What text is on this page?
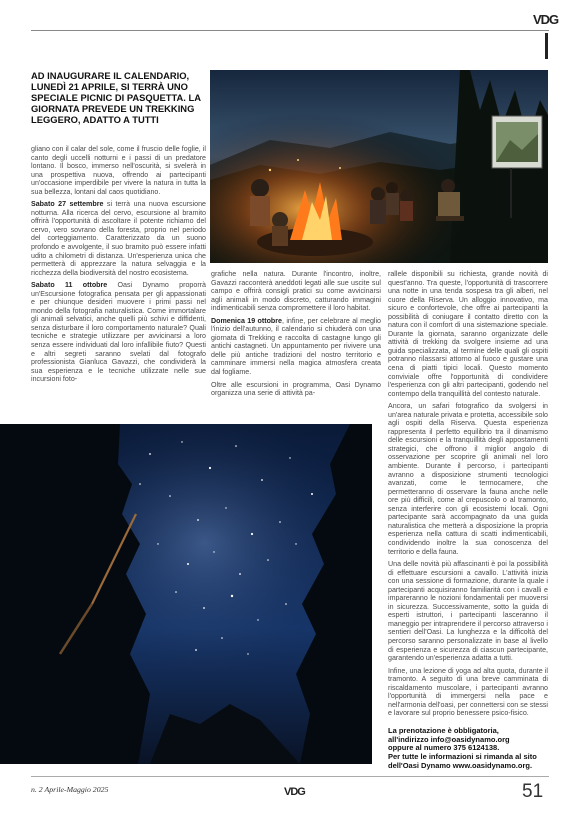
VDG
AD INAUGURARE IL CALENDARIO, LUNEDÌ 21 APRILE, SI TERRÀ UNO SPECIALE PICNIC DI PASQUETTA. LA GIORNATA PREVEDE UN TREKKING LEGGERO, ADATTO A TUTTI

gliano con il calar del sole, come il fruscio delle foglie, il canto degli uccelli notturni e i passi di un predatore lontano. Il bosco, immerso nell'oscurità, si svelerà in una prospettiva nuova, offrendo ai partecipanti un'occasione imperdibile per vivere la natura in tutta la sua bellezza, lontani dal caos quotidiano.

Sabato 27 settembre si terrà una nuova escursione notturna. Alla ricerca del cervo, escursione al bramito offrirà l'opportunità di ascoltare il potente richiamo del cervo, vero sovrano della foresta, proprio nel periodo del corteggiamento. Caratterizzato da un suono profondo e avvolgente, il suo bramito può essere infatti udito a chilometri di distanza. Un'esperienza unica che permetterà di apprezzare la natura selvaggia e la ricchezza della biodiversità del nostro ecosistema.

Sabato 11 ottobre Oasi Dynamo proporrà un'Escursione fotografica pensata per gli appassionati e per chiunque desideri muovere i primi passi nel mondo della fotografia naturalistica. Come immortalare gli animali selvatici, anche quelli più schivi e diffidenti, senza disturbare il loro comportamento naturale? Quali tecniche e strategie utilizzare per avvicinarsi a loro senza essere individuati dal loro infallibile fiuto? Questi e altri segreti saranno svelati dal fotografo professionista Gianluca Gavazzi, che condividerà la sua esperienza e le tecniche utilizzate nelle sue incursioni foto-

grafiche nella natura. Durante l'incontro, inoltre, Gavazzi racconterà aneddoti legati alle sue uscite sul campo e offrirà consigli pratici su come avvicinarsi agli animali in modo discreto, catturando immagini indimenticabili senza compromettere il loro habitat.

Domenica 19 ottobre, infine, per celebrare al meglio l'inizio dell'autunno, il calendario si chiuderà con una giornata di Trekking e raccolta di castagne lungo gli antichi castagneti. Un appuntamento per rivivere una delle più antiche tradizioni del nostro territorio e camminare immersi nella magica atmosfera creata dal fogliame.

Oltre alle escursioni in programma, Oasi Dynamo organizza una serie di attività pa-

rallele disponibili su richiesta, grande novità di quest'anno. Tra queste, l'opportunità di trascorrere una notte in una tenda sospesa tra gli alberi, nel cuore della Riserva. Un alloggio innovativo, ma sicuro e confortevole, che offre ai partecipanti la possibilità di coniugare il contatto diretto con la natura con il comfort di una sistemazione speciale. Durante la giornata, saranno organizzate delle attività di trekking da svolgere insieme ad una guida specializzata, al termine delle quali gli ospiti potranno rilassarsi attorno al fuoco e gustare una cena di piatti tipici locali. Questo momento conviviale offre l'opportunità di condividere l'esperienza con gli altri partecipanti, godendo nel contempo della tranquillità del contesto naturale.

Ancora, un safari fotografico da svolgersi in un'area naturale privata e protetta, accessibile solo agli ospiti della Riserva. Questa esperienza rappresenta il perfetto equilibrio tra il dinamismo delle escursioni e la tranquillità degli appostamenti strategici, che offrono il miglior angolo di osservazione per scoprire gli animali nel loro ambiente. Durante il percorso, i partecipanti avranno a disposizione strumenti tecnologici avanzati, come le termocamere, che permetteranno di osservare la fauna anche nelle ore più difficili, come al crepuscolo o al tramonto, senza interferire con gli ecosistemi locali. Ogni partecipante sarà accompagnato da una guida naturalistica che metterà a disposizione la propria esperienza nella cattura di scatti indimenticabili, condividendo inoltre la sua conoscenza del territorio e della fauna.

Una delle novità più affascinanti è poi la possibilità di effettuare escursioni a cavallo. L'attività inizia con una sessione di formazione, durante la quale i partecipanti acquisiranno familiarità con i cavalli e impareranno le nozioni fondamentali per muoversi in sicurezza. Successivamente, sotto la guida di esperti istruttori, i partecipanti lasceranno il maneggio per intraprendere il percorso attraverso i sentieri dell'Oasi. La lunghezza e la difficoltà del percorso saranno personalizzate in base al livello di esperienza e sicurezza di ciascun partecipante, garantendo un'esperienza adatta a tutti.

Infine, una lezione di yoga ad alta quota, durante il tramonto. A seguito di una breve camminata di riscaldamento muscolare, i partecipanti avranno l'opportunità di immergersi nella pace e nell'armonia dell'oasi, per connettersi con se stessi e lavorare sul proprio benessere psico-fisico.

La prenotazione è obbligatoria,
all'indirizzo info@oasidynamo.org
oppure al numero 375 6124138.
Per tutte le informazioni si rimanda al sito dell'Oasi Dynamo www.oasidynamo.org.
n. 2 Aprile-Maggio 2025	VDG	51
